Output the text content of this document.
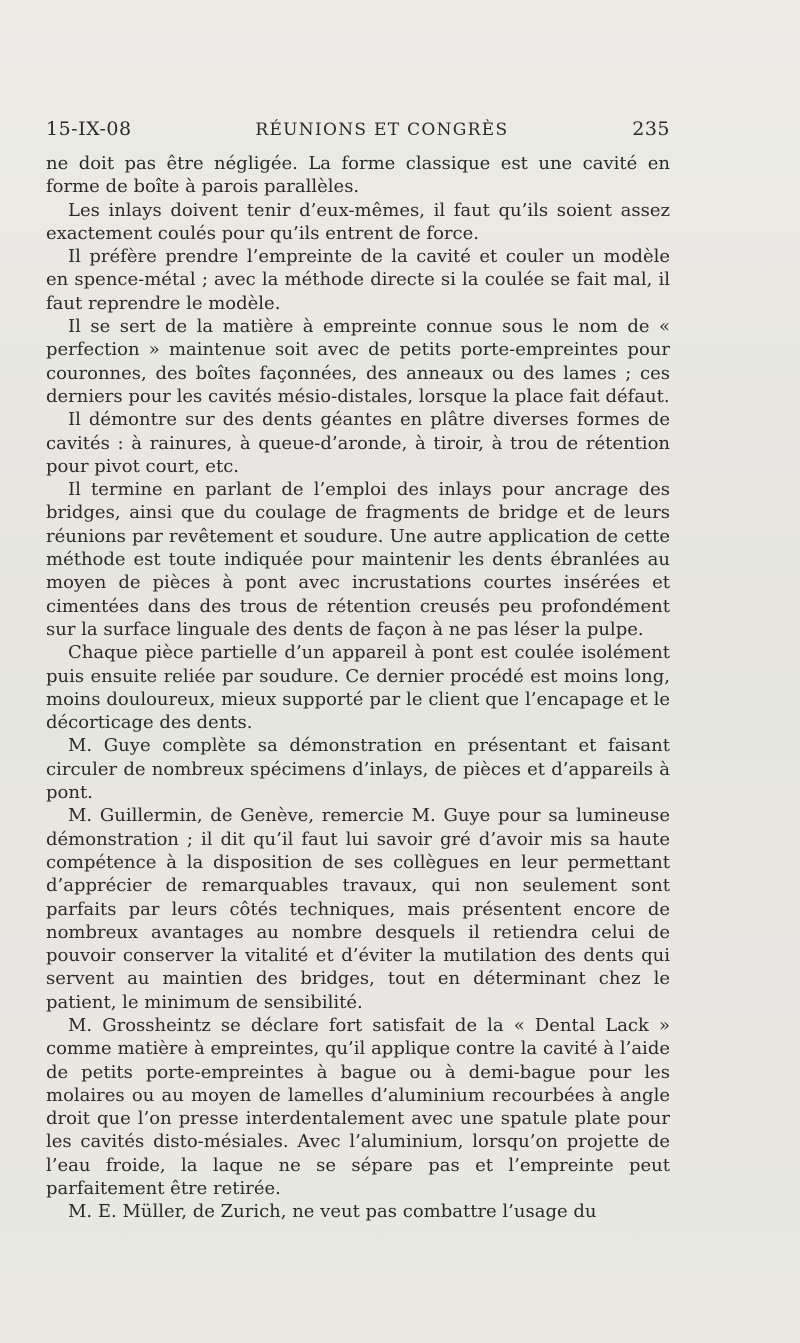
15-IX-08	RÉUNIONS ET CONGRÈS	235

ne doit pas être négligée. La forme classique est une cavité en forme de boîte à parois parallèles.

Les inlays doivent tenir d’eux-mêmes, il faut qu’ils soient assez exactement coulés pour qu’ils entrent de force.

Il préfère prendre l’empreinte de la cavité et couler un modèle en spence-métal ; avec la méthode directe si la coulée se fait mal, il faut reprendre le modèle.

Il se sert de la matière à empreinte connue sous le nom de « perfection » maintenue soit avec de petits porte-empreintes pour couronnes, des boîtes façonnées, des anneaux ou des lames ; ces derniers pour les cavités mésio-distales, lorsque la place fait défaut.

Il démontre sur des dents géantes en plâtre diverses formes de cavités : à rainures, à queue-d’aronde, à tiroir, à trou de rétention pour pivot court, etc.

Il termine en parlant de l’emploi des inlays pour ancrage des bridges, ainsi que du coulage de fragments de bridge et de leurs réunions par revêtement et soudure. Une autre application de cette méthode est toute indiquée pour maintenir les dents ébranlées au moyen de pièces à pont avec incrustations courtes insérées et cimentées dans des trous de rétention creusés peu profondément sur la surface linguale des dents de façon à ne pas léser la pulpe.

Chaque pièce partielle d’un appareil à pont est coulée isolément puis ensuite reliée par soudure. Ce dernier procédé est moins long, moins douloureux, mieux supporté par le client que l’encapage et le décorticage des dents.

M. Guye complète sa démonstration en présentant et faisant circuler de nombreux spécimens d’inlays, de pièces et d’appareils à pont.

M. Guillermin, de Genève, remercie M. Guye pour sa lumineuse démonstration ; il dit qu’il faut lui savoir gré d’avoir mis sa haute compétence à la disposition de ses collègues en leur permettant d’apprécier de remarquables travaux, qui non seulement sont parfaits par leurs côtés techniques, mais présentent encore de nombreux avantages au nombre desquels il retiendra celui de pouvoir conserver la vitalité et d’éviter la mutilation des dents qui servent au maintien des bridges, tout en déterminant chez le patient, le minimum de sensibilité.

M. Grossheintz se déclare fort satisfait de la « Dental Lack » comme matière à empreintes, qu’il applique contre la cavité à l’aide de petits porte-empreintes à bague ou à demi-bague pour les molaires ou au moyen de lamelles d’aluminium recourbées à angle droit que l’on presse interdentalement avec une spatule plate pour les cavités disto-mésiales. Avec l’aluminium, lorsqu’on projette de l’eau froide, la laque ne se sépare pas et l’empreinte peut parfaitement être retirée.

M. E. Müller, de Zurich, ne veut pas combattre l’usage du
